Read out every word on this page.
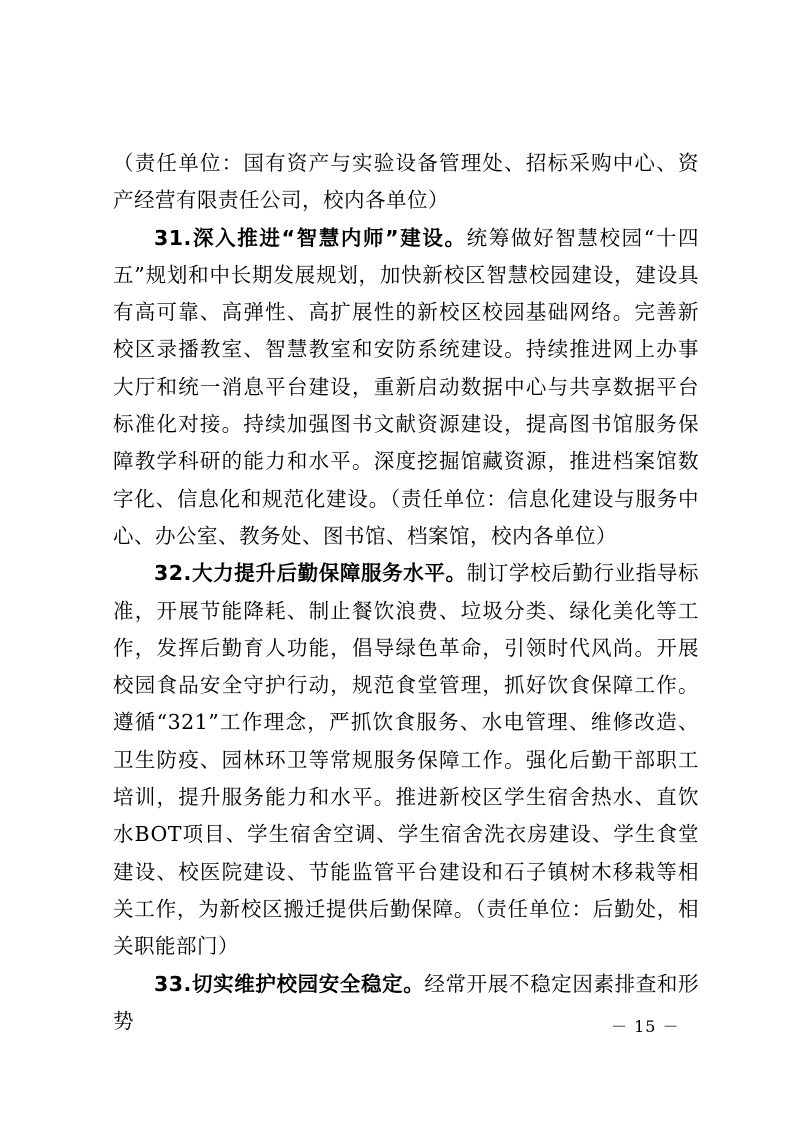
（责任单位：国有资产与实验设备管理处、招标采购中心、资产经营有限责任公司，校内各单位）

31.深入推进“智慧内师”建设。统筹做好智慧校园“十四五”规划和中长期发展规划，加快新校区智慧校园建设，建设具有高可靠、高弹性、高扩展性的新校区校园基础网络。完善新校区录播教室、智慧教室和安防系统建设。持续推进网上办事大厅和统一消息平台建设，重新启动数据中心与共享数据平台标准化对接。持续加强图书文献资源建设，提高图书馆服务保障教学科研的能力和水平。深度挖掘馆藏资源，推进档案馆数字化、信息化和规范化建设。（责任单位：信息化建设与服务中心、办公室、教务处、图书馆、档案馆，校内各单位）

32.大力提升后勤保障服务水平。制订学校后勤行业指导标准，开展节能降耗、制止餐饮浪费、垃圾分类、绿化美化等工作，发挥后勤育人功能，倡导绿色革命，引领时代风尚。开展校园食品安全守护行动，规范食堂管理，抓好饮食保障工作。遵循“321”工作理念，严抓饮食服务、水电管理、维修改造、卫生防疫、园林环卫等常规服务保障工作。强化后勤干部职工培训，提升服务能力和水平。推进新校区学生宿舍热水、直饮水BOT项目、学生宿舍空调、学生宿舍洗衣房建设、学生食堂建设、校医院建设、节能监管平台建设和石子镇树木移栽等相关工作，为新校区搬迁提供后勤保障。（责任单位：后勤处，相关职能部门）

33.切实维护校园安全稳定。经常开展不稳定因素排查和形势	－ 15 －
